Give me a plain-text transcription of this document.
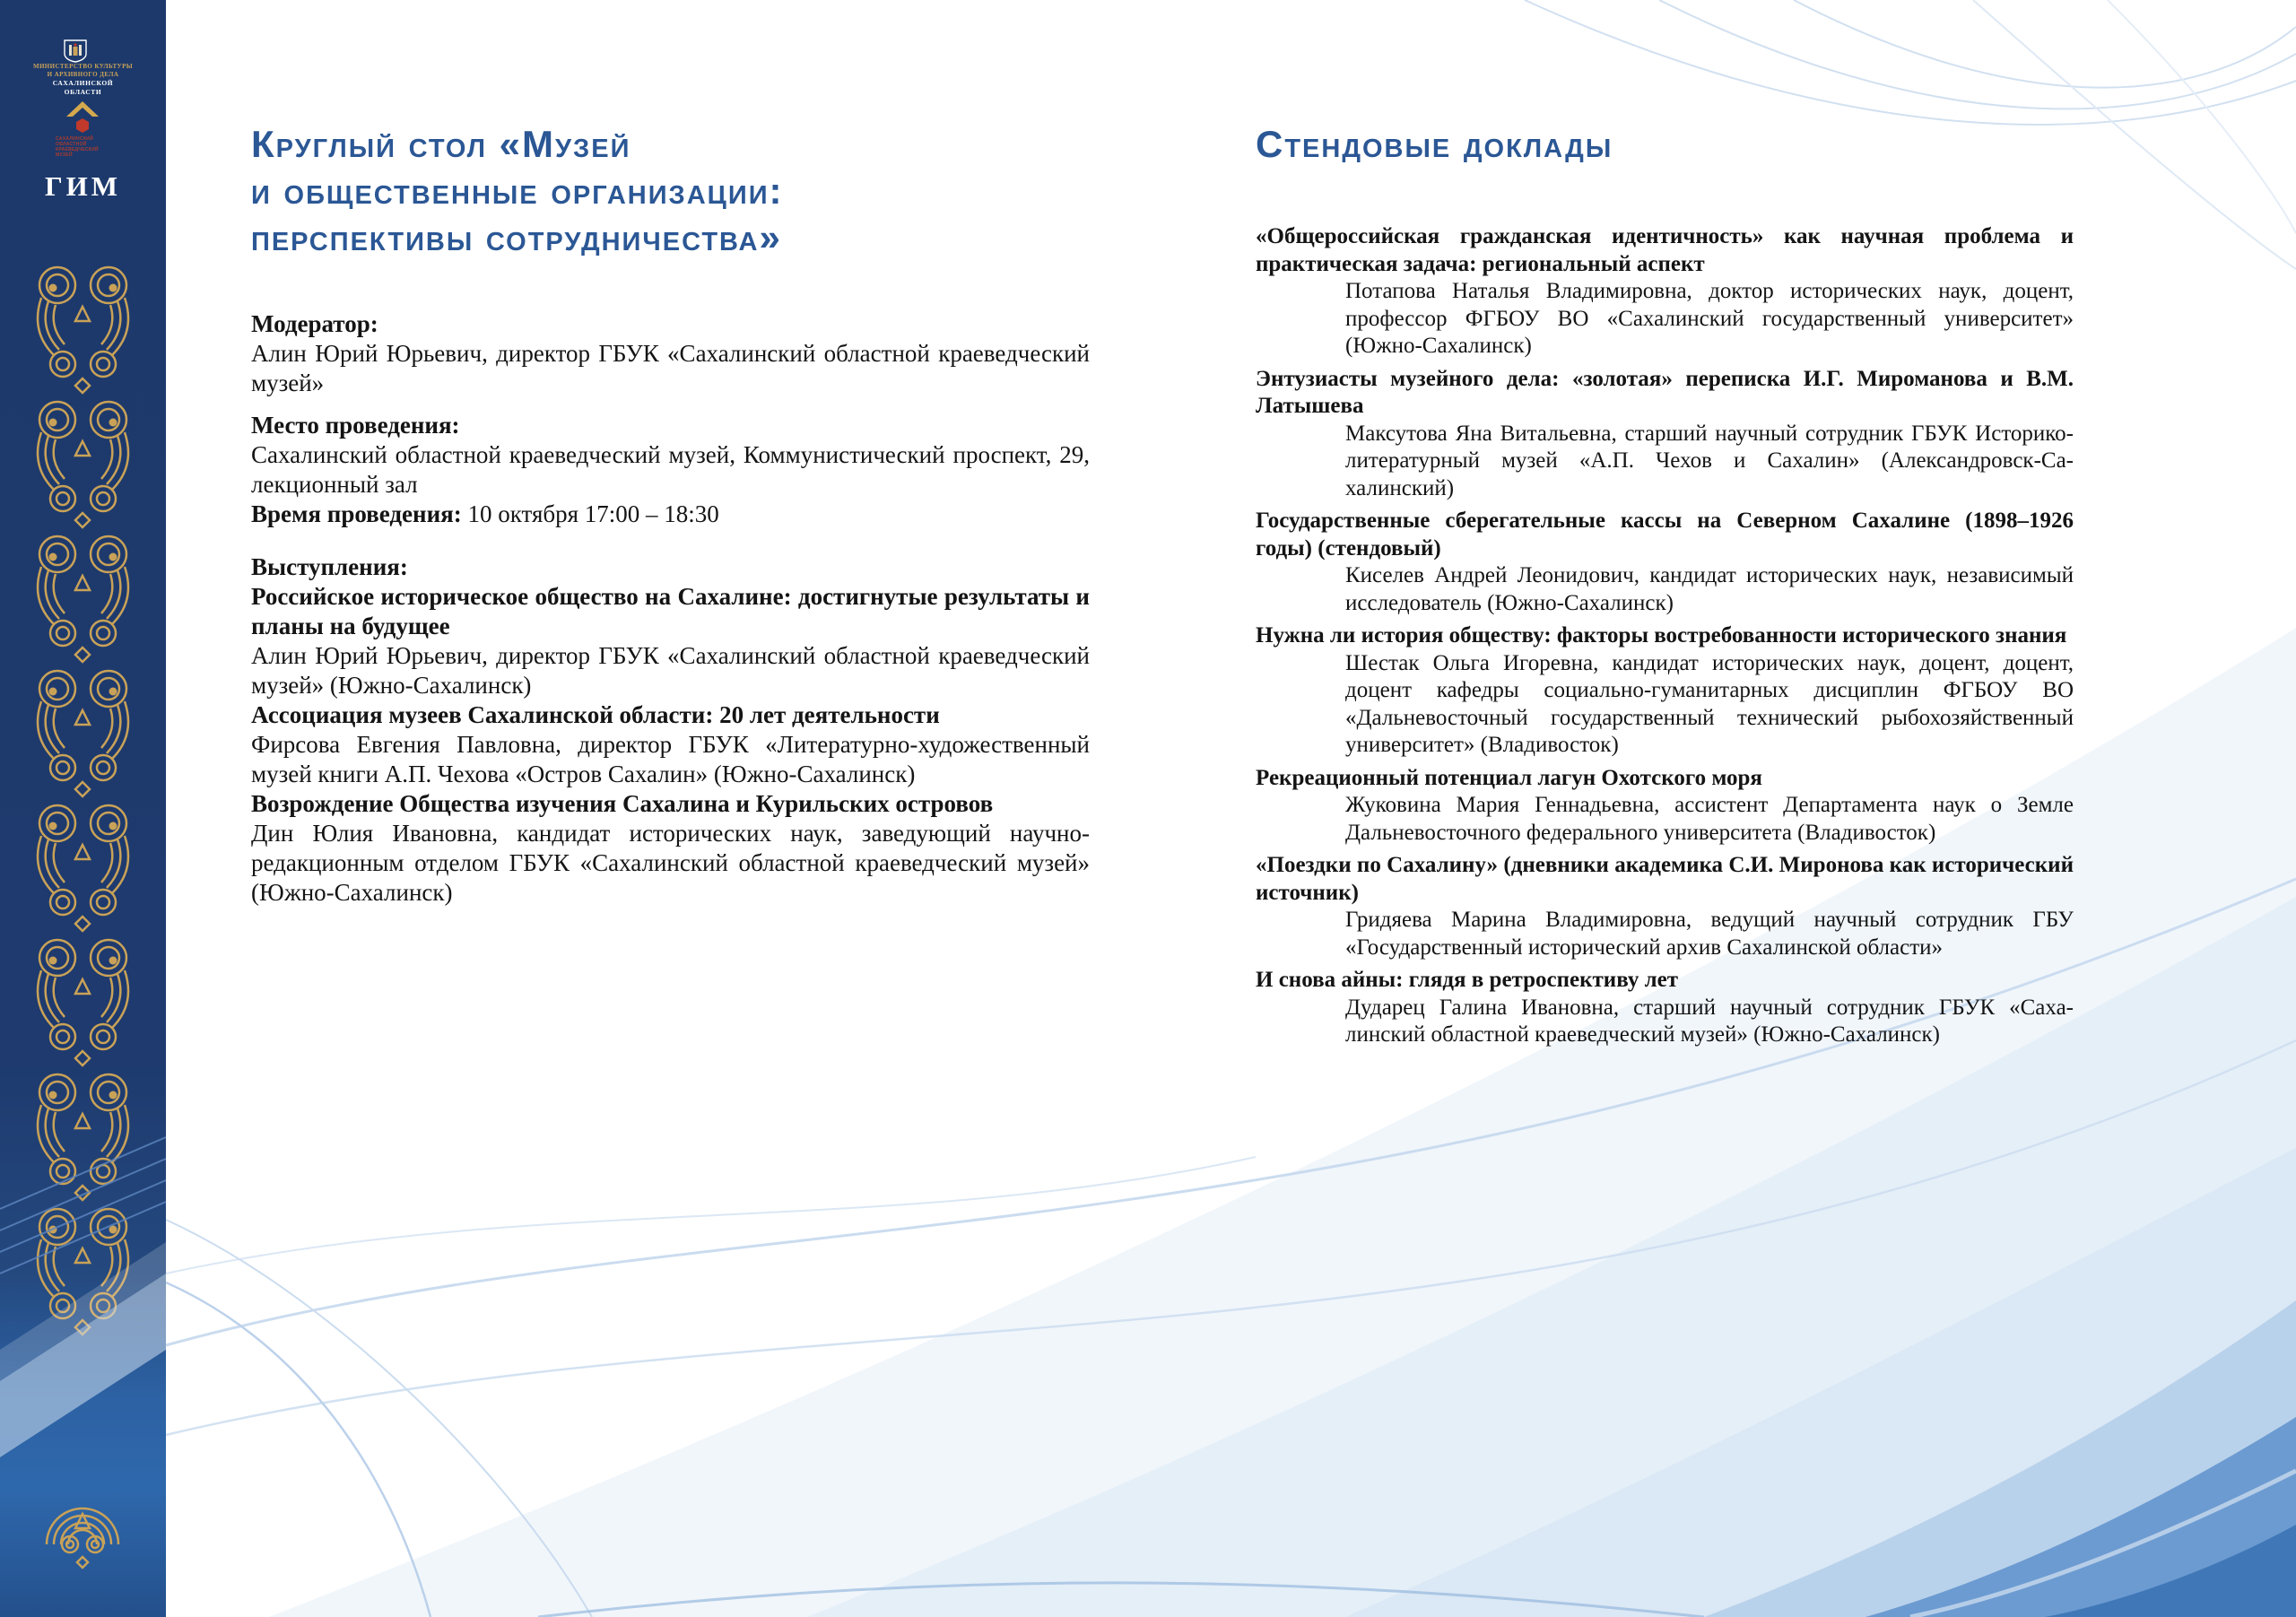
МИНИСТЕРСТВО КУЛЬТУРЫ
И АРХИВНОГО ДЕЛА
САХАЛИНСКОЙ
ОБЛАСТИ
САХАЛИНСКИЙ
ОБЛАСТНОЙ
КРАЕВЕДЧЕСКИЙ
МУЗЕЙ
ГИМ
Круглый стол «Музей
и общественные организации:
перспективы сотрудничества»

Модератор:

Алин Юрий Юрьевич, директор ГБУК «Сахалинский областной краеведческий музей»

Место проведения:

Сахалинский областной краеведческий музей, Коммунистический проспект, 29, лекционный зал

Время проведения: 10 октября 17:00 – 18:30

Выступления:

Российское историческое общество на Сахалине: достигнутые результаты и планы на будущее

Алин Юрий Юрьевич, директор ГБУК «Сахалинский областной краеведческий музей» (Южно-Сахалинск)

Ассоциация музеев Сахалинской области: 20 лет деятельности

Фирсова Евгения Павловна, директор ГБУК «Литературно-художественный музей книги А.П. Чехова «Остров Сахалин» (Южно-Сахалинск)

Возрождение Общества изучения Сахалина и Курильских островов

Дин Юлия Ивановна, кандидат исторических наук, заведующий научно-редакционным отделом ГБУК «Сахалинский областной краеведческий музей» (Южно-Сахалинск)

Стендовые доклады

«Общероссийская гражданская идентичность» как научная проблема и практическая задача: региональный аспект

Потапова Наталья Владимировна, доктор исторических наук, доцент, профессор ФГБОУ ВО «Сахалинский государственный университет» (Южно-Сахалинск)

Энтузиасты музейного дела: «золотая» переписка И.Г. Мироманова и В.М. Латышева

Максутова Яна Витальевна, старший научный сотрудник ГБУК Историко-литературный музей «А.П. Чехов и Сахалин» (Александровск-Сахалинский)

Государственные сберегательные кассы на Северном Сахалине (1898–1926 годы) (стендовый)

Киселев Андрей Леонидович, кандидат исторических наук, независимый исследователь (Южно-Сахалинск)

Нужна ли история обществу: факторы востребованности исторического знания

Шестак Ольга Игоревна, кандидат исторических наук, доцент, доцент, доцент кафедры социально-гуманитарных дисциплин ФГБОУ ВО «Дальневосточный государственный технический рыбохозяйственный университет» (Владивосток)

Рекреационный потенциал лагун Охотского моря

Жуковина Мария Геннадьевна, ассистент Департамента наук о Земле Дальневосточного федерального университета (Владивосток)

«Поездки по Сахалину» (дневники академика С.И. Миронова как исторический источник)

Гридяева Марина Владимировна, ведущий научный сотрудник ГБУ «Государственный исторический архив Сахалинской области»

И снова айны: глядя в ретроспективу лет

Дударец Галина Ивановна, старший научный сотрудник ГБУК «Сахалинский областной краеведческий музей» (Южно-Сахалинск)
